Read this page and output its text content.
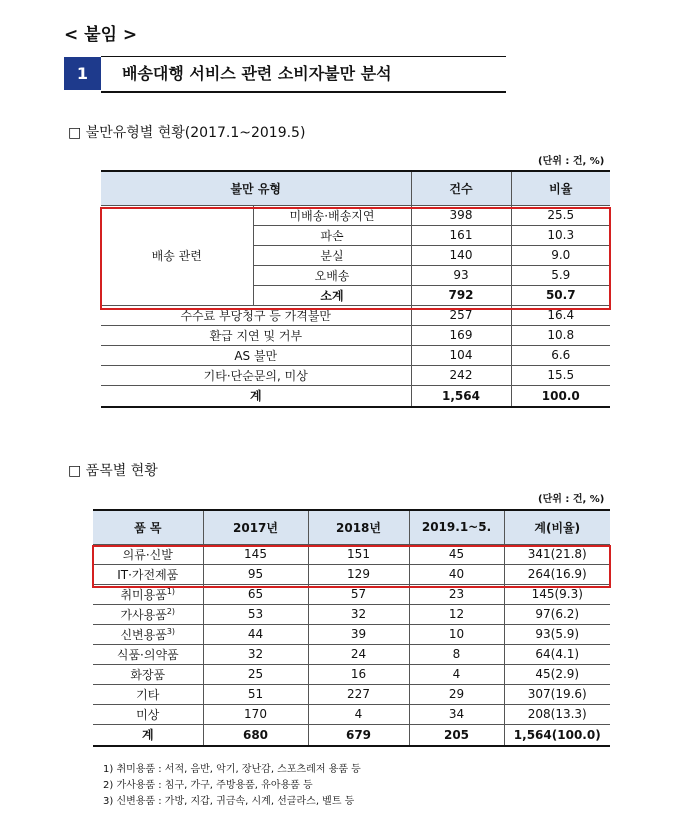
< 붙임 >
1	배송대행 서비스 관련 소비자불만 분석
□ 불만유형별 현황(2017.1~2019.5)
(단위 : 건, %)
불만 유형		건수	비율
배송 관련	미배송·배송지연	398	25.5
	파손	161	10.3
	분실	140	9.0
	오배송	93	5.9
	소계	792	50.7
수수료 부당청구 등 가격불만		257	16.4
환급 지연 및 거부		169	10.8
AS 불만		104	6.6
기타·단순문의, 미상		242	15.5
계		1,564	100.0
□ 품목별 현황
(단위 : 건, %)
품 목	2017년	2018년	2019.1~5.	계(비율)
의류·신발	145	151	45	341(21.8)
IT·가전제품	95	129	40	264(16.9)
취미용품$^{1)}$	65	57	23	145(9.3)
가사용품$^{2)}$	53	32	12	97(6.2)
신변용품$^{3)}$	44	39	10	93(5.9)
식품·의약품	32	24	8	64(4.1)
화장품	25	16	4	45(2.9)
기타	51	227	29	307(19.6)
미상	170	4	34	208(13.3)
계	680	679	205	1,564(100.0)
1) 취미용품 : 서적, 음반, 악기, 장난감, 스포츠레저 용품 등
2) 가사용품 : 침구, 가구, 주방용품, 유아용품 등
3) 신변용품 : 가방, 지갑, 귀금속, 시계, 선글라스, 벨트 등
